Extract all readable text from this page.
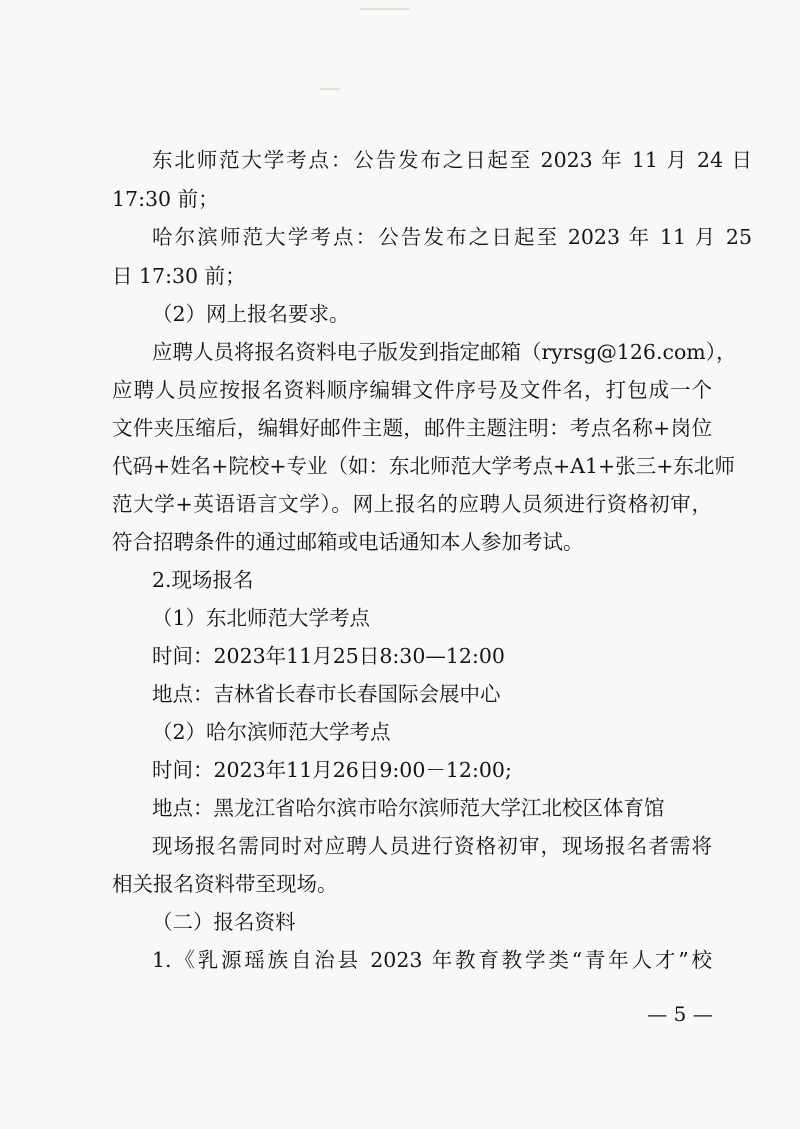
东北师范大学考点：公告发布之日起至 2023 年 11 月 24 日
17:30 前；
哈尔滨师范大学考点：公告发布之日起至 2023 年 11 月 25
日 17:30 前；
（2）网上报名要求。
应聘人员将报名资料电子版发到指定邮箱（ryrsg@126.com），
应聘人员应按报名资料顺序编辑文件序号及文件名，打包成一个
文件夹压缩后，编辑好邮件主题，邮件主题注明：考点名称+岗位
代码+姓名+院校+专业（如：东北师范大学考点+A1+张三+东北师
范大学+英语语言文学）。网上报名的应聘人员须进行资格初审，
符合招聘条件的通过邮箱或电话通知本人参加考试。
2.现场报名
（1）东北师范大学考点
时间：2023年11月25日8:30—12:00
地点：吉林省长春市长春国际会展中心
（2）哈尔滨师范大学考点
时间：2023年11月26日9:00－12:00;
地点：黑龙江省哈尔滨市哈尔滨师范大学江北校区体育馆
现场报名需同时对应聘人员进行资格初审，现场报名者需将
相关报名资料带至现场。
（二）报名资料
1.《乳源瑶族自治县 2023 年教育教学类“青年人才”校
— 5 —
